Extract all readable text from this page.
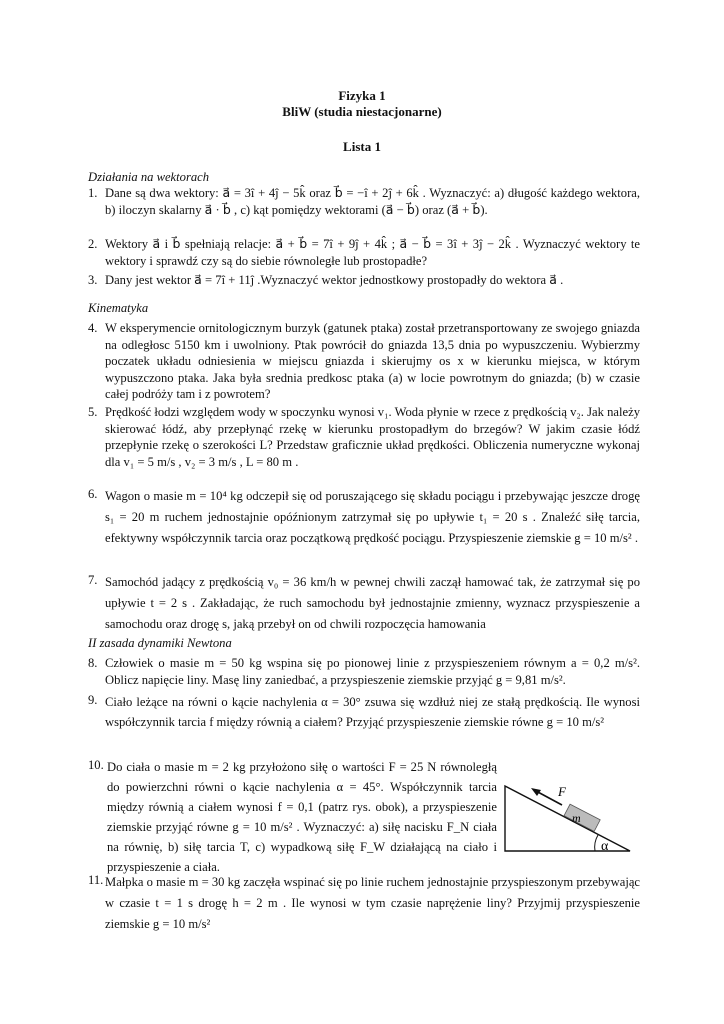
Fizyka 1
BliW (studia niestacjonarne)
Lista 1
Działania na wektorach
1. Dane są dwa wektory: a⃗ = 3î + 4ĵ − 5k̂ oraz b⃗ = −î + 2ĵ + 6k̂ . Wyznaczyć: a) długość każdego wektora, b) iloczyn skalarny a⃗ · b⃗ , c) kąt pomiędzy wektorami (a⃗ − b⃗) oraz (a⃗ + b⃗).
2. Wektory a⃗ i b⃗ spełniają relacje: a⃗ + b⃗ = 7î + 9ĵ + 4k̂ ; a⃗ − b⃗ = 3î + 3ĵ − 2k̂ . Wyznaczyć wektory te wektory i sprawdź czy są do siebie równoległe lub prostopadłe?
3. Dany jest wektor a⃗ = 7î + 11ĵ .Wyznaczyć wektor jednostkowy prostopadły do wektora a⃗ .
Kinematyka
4. W eksperymencie ornitologicznym burzyk (gatunek ptaka) został przetransportowany ze swojego gniazda na odległosc 5150 km i uwolniony. Ptak powrócił do gniazda 13,5 dnia po wypuszczeniu. Wybierzmy poczatek układu odniesienia w miejscu gniazda i skierujmy os x w kierunku miejsca, w którym wypuszczono ptaka. Jaka była srednia predkosc ptaka (a) w locie powrotnym do gniazda; (b) w czasie całej podróży tam i z powrotem?
5. Prędkość łodzi względem wody w spoczynku wynosi v₁. Woda płynie w rzece z prędkością v₂. Jak należy skierować łódź, aby przepłynąć rzekę w kierunku prostopadłym do brzegów? W jakim czasie łódź przepłynie rzekę o szerokości L? Przedstaw graficznie układ prędkości. Obliczenia numeryczne wykonaj dla v₁ = 5 m/s , v₂ = 3 m/s , L = 80 m .
6. Wagon o masie m = 10⁴ kg odczepił się od poruszającego się składu pociągu i przebywając jeszcze drogę s₁ = 20 m ruchem jednostajnie opóźnionym zatrzymał się po upływie t₁ = 20 s . Znaleźć siłę tarcia, efektywny współczynnik tarcia oraz początkową prędkość pociągu. Przyspieszenie ziemskie g = 10 m/s² .
7. Samochód jadący z prędkością v₀ = 36 km/h w pewnej chwili zaczął hamować tak, że zatrzymał się po upływie t = 2 s . Zakładając, że ruch samochodu był jednostajnie zmienny, wyznacz przyspieszenie a samochodu oraz drogę s, jaką przebył on od chwili rozpoczęcia hamowania
II zasada dynamiki Newtona
8. Człowiek o masie m = 50 kg wspina się po pionowej linie z przyspieszeniem równym a = 0,2 m/s². Oblicz napięcie liny. Masę liny zaniedbać, a przyspieszenie ziemskie przyjąć g = 9,81 m/s².
9. Ciało leżące na równi o kącie nachylenia α = 30° zsuwa się wzdłuż niej ze stałą prędkością. Ile wynosi współczynnik tarcia f między równią a ciałem? Przyjąć przyspieszenie ziemskie równe g = 10 m/s²
10. Do ciała o masie m = 2 kg przyłożono siłę o wartości F = 25 N równoległą do powierzchni równi o kącie nachylenia α = 45°. Współczynnik tarcia między równią a ciałem wynosi f = 0,1 (patrz rys. obok), a przyspieszenie ziemskie przyjąć równe g = 10 m/s² . Wyznaczyć: a) siłę nacisku F_N ciała na równię, b) siłę tarcia T, c) wypadkową siłę F_W działającą na ciało i przyspieszenie a ciała.
F
m
α
11. Małpka o masie m = 30 kg zaczęła wspinać się po linie ruchem jednostajnie przyspieszonym przebywając w czasie t = 1 s drogę h = 2 m . Ile wynosi w tym czasie naprężenie liny? Przyjmij przyspieszenie ziemskie g = 10 m/s²
